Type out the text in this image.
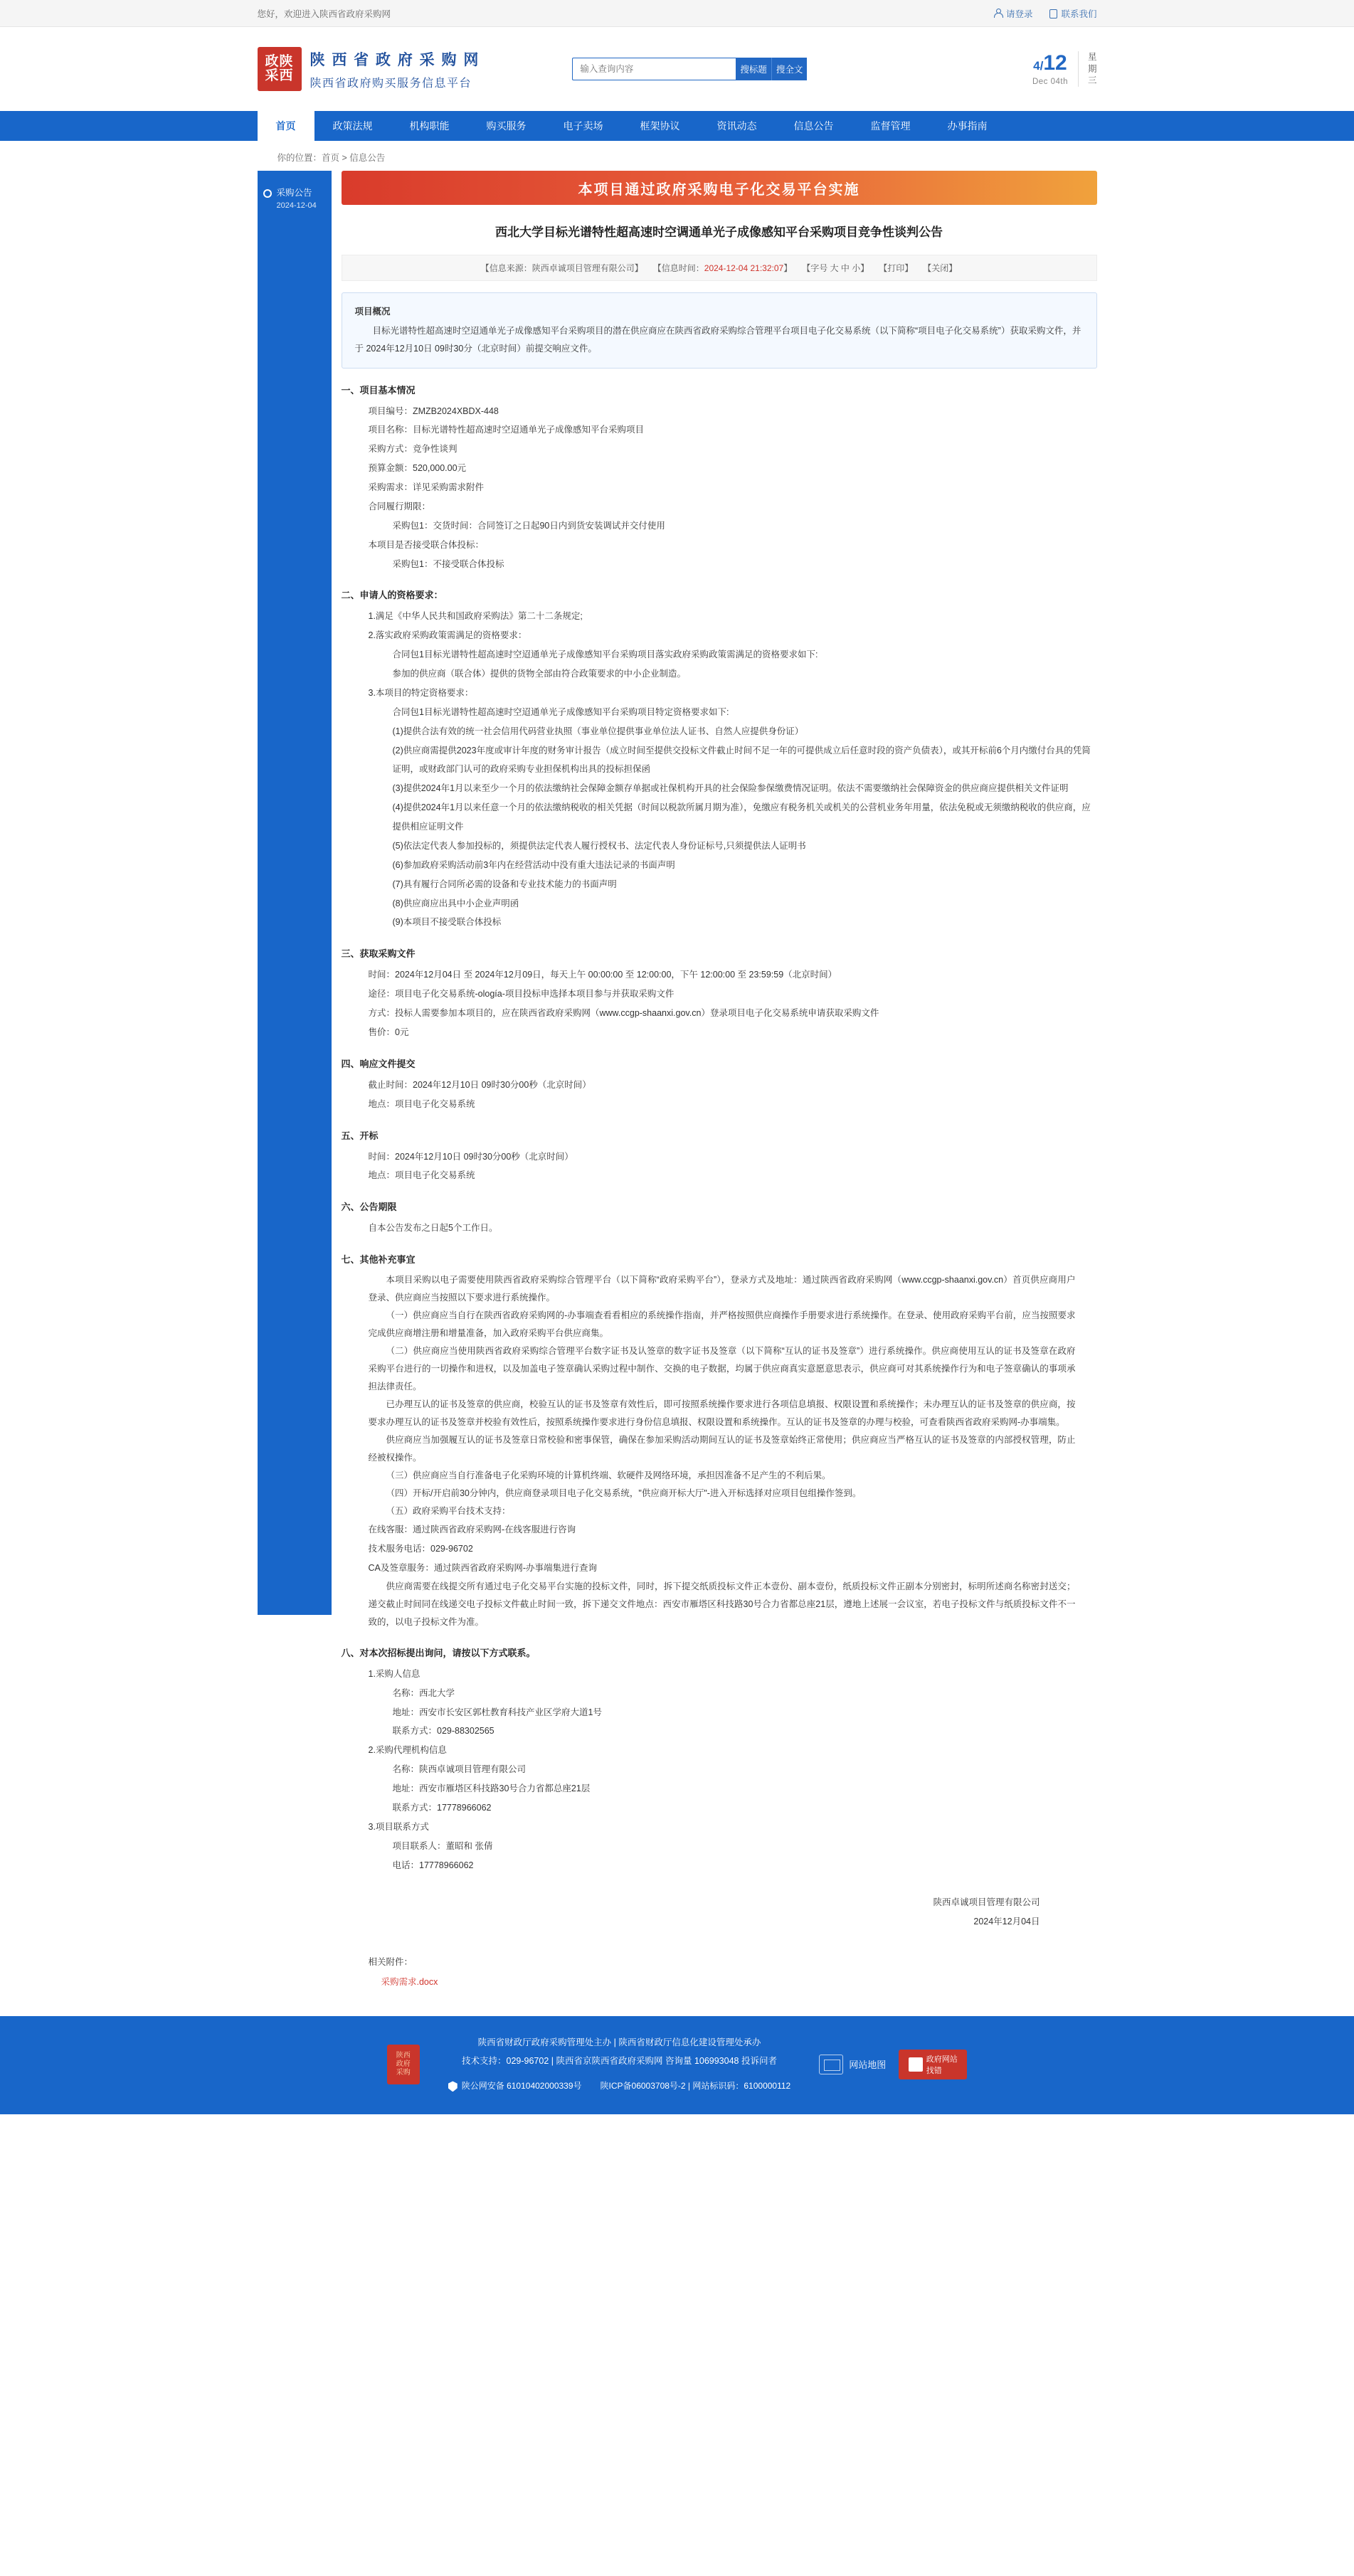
您好，欢迎进入陕西省政府采购网	请登录	联系我们
政陕
采西
陕 西 省 政 府 采 购 网
陕西省政府购买服务信息平台
输入查询内容
搜标题	搜全文	4/12
Dec 04th
星
期
三
首页	政策法规	机构职能	购买服务	电子卖场	框架协议	资讯动态	信息公告	监督管理	办事指南
你的位置：首页 > 信息公告
采购公告
2024-12-04
本项目通过政府采购电子化交易平台实施
西北大学目标光谱特性超高速时空调通单光子成像感知平台采购项目竞争性谈判公告
【信息来源：陕西卓诚项目管理有限公司】 【信息时间：2024-12-04 21:32:07】 【字号 大 中 小】 【打印】 【关闭】
项目概况
目标光谱特性超高速时空迢通单光子成像感知平台采购项目的潜在供应商应在陕西省政府采购综合管理平台项目电子化交易系统（以下简称“项目电子化交易系统”）获取采购文件，并于 2024年12月10日 09时30分（北京时间）前提交响应文件。
一、项目基本情况
项目编号：ZMZB2024XBDX-448
项目名称：目标光谱特性超高速时空迢通单光子成像感知平台采购项目
采购方式：竞争性谈判
预算金额：520,000.00元
采购需求：详见采购需求附件
合同履行期限：
采购包1：交货时间：合同签订之日起90日内到货安装调试并交付使用
本项目是否接受联合体投标：
采购包1：不接受联合体投标
二、申请人的资格要求：
1.满足《中华人民共和国政府采购法》第二十二条规定;
2.落实政府采购政策需满足的资格要求：
合同包1目标光谱特性超高速时空迢通单光子成像感知平台采购项目落实政府采购政策需满足的资格要求如下:
参加的供应商（联合体）提供的货物全部由符合政策要求的中小企业制造。
3.本项目的特定资格要求：
合同包1目标光谱特性超高速时空迢通单光子成像感知平台采购项目特定资格要求如下:
(1)提供合法有效的统一社会信用代码营业执照（事业单位提供事业单位法人证书、自然人应提供身份证）
(2)供应商需提供2023年度或审计年度的财务审计报告（成立时间至提供交投标文件截止时间不足一年的可提供成立后任意时段的资产负债表），或其开标前6个月内缴付台具的凭简证明，或财政部门认可的政府采购专业担保机构出具的投标担保函
(3)提供2024年1月以来至少一个月的依法缴纳社会保障金额存单据或社保机构开具的社会保险参保缴费情况证明。依法不需要缴纳社会保障资金的供应商应提供相关文件证明
(4)提供2024年1月以来任意一个月的依法缴纳税收的相关凭据（时间以税款所属月期为准），免缴应有税务机关或机关的公营机业务年用量，依法免税或无须缴纳税收的供应商，应提供相应证明文件
(5)依法定代表人参加投标的，须提供法定代表人履行授权书、法定代表人身份证标号,只须提供法人证明书
(6)参加政府采购活动前3年内在经营活动中没有重大违法记录的书面声明
(7)具有履行合同所必需的设备和专业技术能力的书面声明
(8)供应商应出具中小企业声明函
(9)本项目不接受联合体投标
三、获取采购文件
时间：2024年12月04日 至 2024年12月09日，每天上午 00:00:00 至 12:00:00，下午 12:00:00 至 23:59:59（北京时间）
途径：项目电子化交易系统-ología-项目投标申选择本项目参与并获取采购文件
方式：投标人需要参加本项目的，应在陕西省政府采购网（www.ccgp-shaanxi.gov.cn）登录项目电子化交易系统申请获取采购文件
售价：0元
四、响应文件提交
截止时间：2024年12月10日 09时30分00秒（北京时间）
地点：项目电子化交易系统
五、开标
时间：2024年12月10日 09时30分00秒（北京时间）
地点：项目电子化交易系统
六、公告期限
自本公告发布之日起5个工作日。
七、其他补充事宜
本项目采购以电子需要使用陕西省政府采购综合管理平台（以下简称“政府采购平台”），登录方式及地址：通过陕西省政府采购网（www.ccgp-shaanxi.gov.cn）首页供应商用户登录、供应商应当按照以下要求进行系统操作。
（一）供应商应当自行在陕西省政府采购网的-办事端查看看相应的系统操作指南，并严格按照供应商操作手册要求进行系统操作。在登录、使用政府采购平台前，应当按照要求完成供应商增注册和增量准备，加入政府采购平台供应商集。
（二）供应商应当使用陕西省政府采购综合管理平台数字证书及认签章的数字证书及签章（以下简称“互认的证书及签章”）进行系统操作。供应商使用互认的证书及签章在政府采购平台进行的一切操作和进权，以及加盖电子签章确认采购过程中制作、交换的电子数据，均属于供应商真实意愿意思表示，供应商可对其系统操作行为和电子签章确认的事项承担法律责任。
已办理互认的证书及签章的供应商，校验互认的证书及签章有效性后，即可按照系统操作要求进行各项信息填报、权限设置和系统操作；未办理互认的证书及签章的供应商，按要求办理互认的证书及签章并校验有效性后，按照系统操作要求进行身份信息填报、权限设置和系统操作。互认的证书及签章的办理与校验，可查看陕西省政府采购网-办事端集。
供应商应当加强履互认的证书及签章日常校验和密事保管，确保在参加采购活动期间互认的证书及签章始终正常使用；供应商应当严格互认的证书及签章的内部授权管理，防止经被权操作。
（三）供应商应当自行准备电子化采购环境的计算机终端、软硬件及网络环境，承担因准备不足产生的不利后果。
（四）开标/开启前30分钟内，供应商登录项目电子化交易系统，"供应商开标大厅"-进入开标选择对应项目包组操作签到。
（五）政府采购平台技术支持：
在线客服：通过陕西省政府采购网-在线客服进行咨询
技术服务电话：029-96702
CA及签章服务：通过陕西省政府采购网-办事端集进行查询
供应商需要在线提交所有通过电子化交易平台实施的投标文件，同时，拆下提交纸质投标文件正本壹份、副本壹份，纸质投标文件正副本分别密封，标明所述商名称密封送交；递交截止时间同在线递交电子投标文件截止时间一致，拆下递交文件地点：西安市雁塔区科技路30号合力省都总座21层，遵地上述展一会议室，若电子投标文件与纸质投标文件不一致的，以电子投标文件为准。
八、对本次招标提出询问，请按以下方式联系。
1.采购人信息
名称：西北大学
地址：西安市长安区郭杜教育科技产业区学府大道1号
联系方式：029-88302565
2.采购代理机构信息
名称：陕西卓诚项目管理有限公司
地址：西安市雁塔区科技路30号合力省都总座21层
联系方式：17778966062
3.项目联系方式
项目联系人：董昭和 张倩
电话：17778966062
陕西卓诚项目管理有限公司
2024年12月04日
相关附件：
采购需求.docx
陕西
政府
采购
陕西省财政厅政府采购管理处主办 | 陕西省财政厅信息化建设管理处承办
技术支持：029-96702 | 陕西省京陕西省政府采购网 咨询量 106993048 投诉问者
陕公网安备 61010402000339号 陕ICP备06003708号-2 | 网站标识码：6100000112
网站地图
政府网站
找错
